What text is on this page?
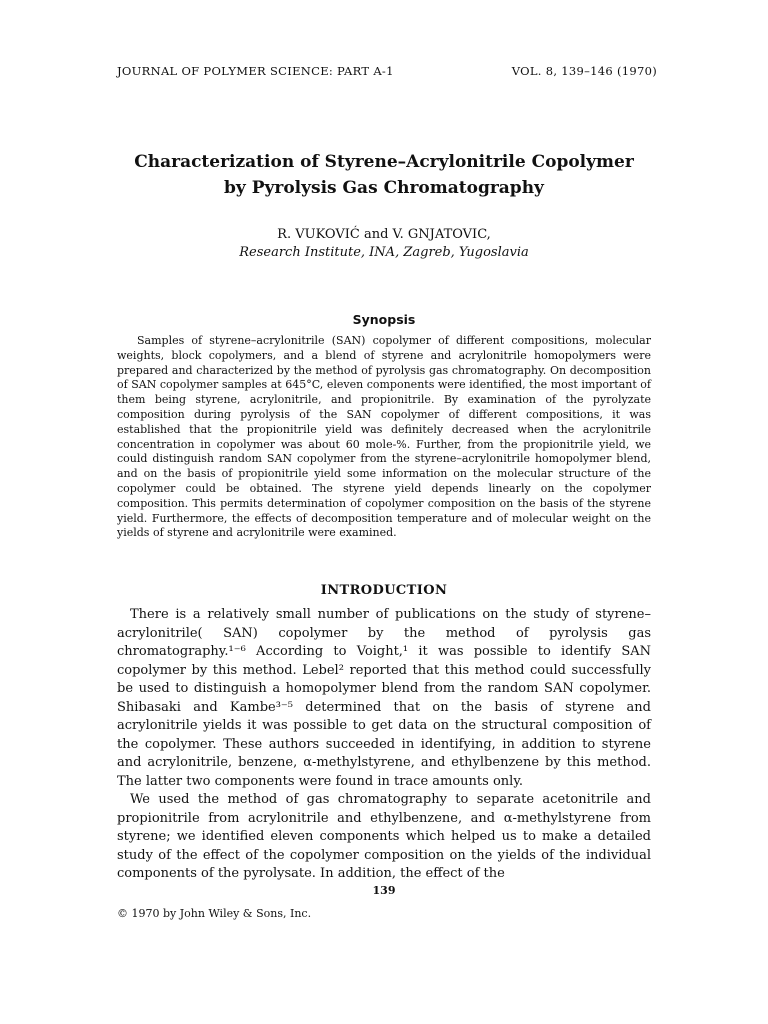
JOURNAL OF POLYMER SCIENCE: PART A-1	VOL. 8, 139–146 (1970)
Characterization of Styrene–Acrylonitrile Copolymer
by Pyrolysis Gas Chromatography
R. VUKOVIĆ and V. GNJATOVIC,
Research Institute, INA, Zagreb, Yugoslavia
Synopsis

Samples of styrene–acrylonitrile (SAN) copolymer of different compositions, molecular weights, block copolymers, and a blend of styrene and acrylonitrile homopolymers were prepared and characterized by the method of pyrolysis gas chromatography. On decomposition of SAN copolymer samples at 645°C, eleven components were identified, the most important of them being styrene, acrylonitrile, and propionitrile. By examination of the pyrolyzate composition during pyrolysis of the SAN copolymer of different compositions, it was established that the propionitrile yield was definitely decreased when the acrylonitrile concentration in copolymer was about 60 mole-%. Further, from the propionitrile yield, we could distinguish random SAN copolymer from the styrene–acrylonitrile homopolymer blend, and on the basis of propionitrile yield some information on the molecular structure of the copolymer could be obtained. The styrene yield depends linearly on the copolymer composition. This permits determination of copolymer composition on the basis of the styrene yield. Furthermore, the effects of decomposition temperature and of molecular weight on the yields of styrene and acrylonitrile were examined.

INTRODUCTION

There is a relatively small number of publications on the study of styrene–acrylonitrile( SAN) copolymer by the method of pyrolysis gas chromatography.¹⁻⁶ According to Voight,¹ it was possible to identify SAN copolymer by this method. Lebel² reported that this method could successfully be used to distinguish a homopolymer blend from the random SAN copolymer. Shibasaki and Kambe³⁻⁵ determined that on the basis of styrene and acrylonitrile yields it was possible to get data on the structural composition of the copolymer. These authors succeeded in identifying, in addition to styrene and acrylonitrile, benzene, α-methylstyrene, and ethylbenzene by this method. The latter two components were found in trace amounts only.

We used the method of gas chromatography to separate acetonitrile and propionitrile from acrylonitrile and ethylbenzene, and α-methylstyrene from styrene; we identified eleven components which helped us to make a detailed study of the effect of the copolymer composition on the yields of the individual components of the pyrolysate. In addition, the effect of the

139
© 1970 by John Wiley & Sons, Inc.
